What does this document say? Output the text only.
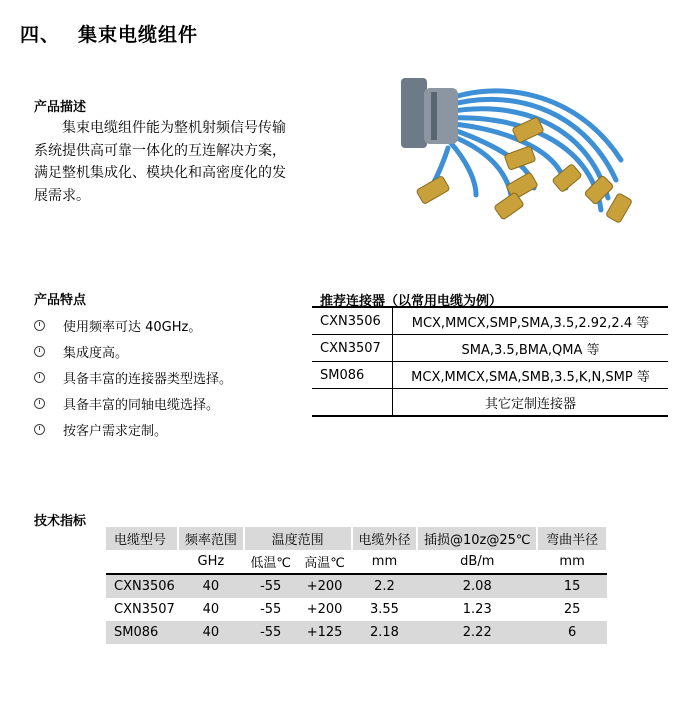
四、 集束电缆组件
产品描述
集束电缆组件能为整机射频信号传输系统提供高可靠一体化的互连解决方案，满足整机集成化、模块化和高密度化的发展需求。
产品特点
使用频率可达 40GHz。
集成度高。
具备丰富的连接器类型选择。
具备丰富的同轴电缆选择。
按客户需求定制。
推荐连接器（以常用电缆为例）
CXN3506	MCX,MMCX,SMP,SMA,3.5,2.92,2.4 等
CXN3507	SMA,3.5,BMA,QMA 等
SM086	MCX,MMCX,SMA,SMB,3.5,K,N,SMP 等
	其它定制连接器
技术指标
电缆型号	频率范围	温度范围		电缆外径	插损@10z@25℃	弯曲半径
	GHz	低温℃	高温℃	mm	dB/m	mm
CXN3506	40	-55	+200	2.2	2.08	15
CXN3507	40	-55	+200	3.55	1.23	25
SM086	40	-55	+125	2.18	2.22	6
